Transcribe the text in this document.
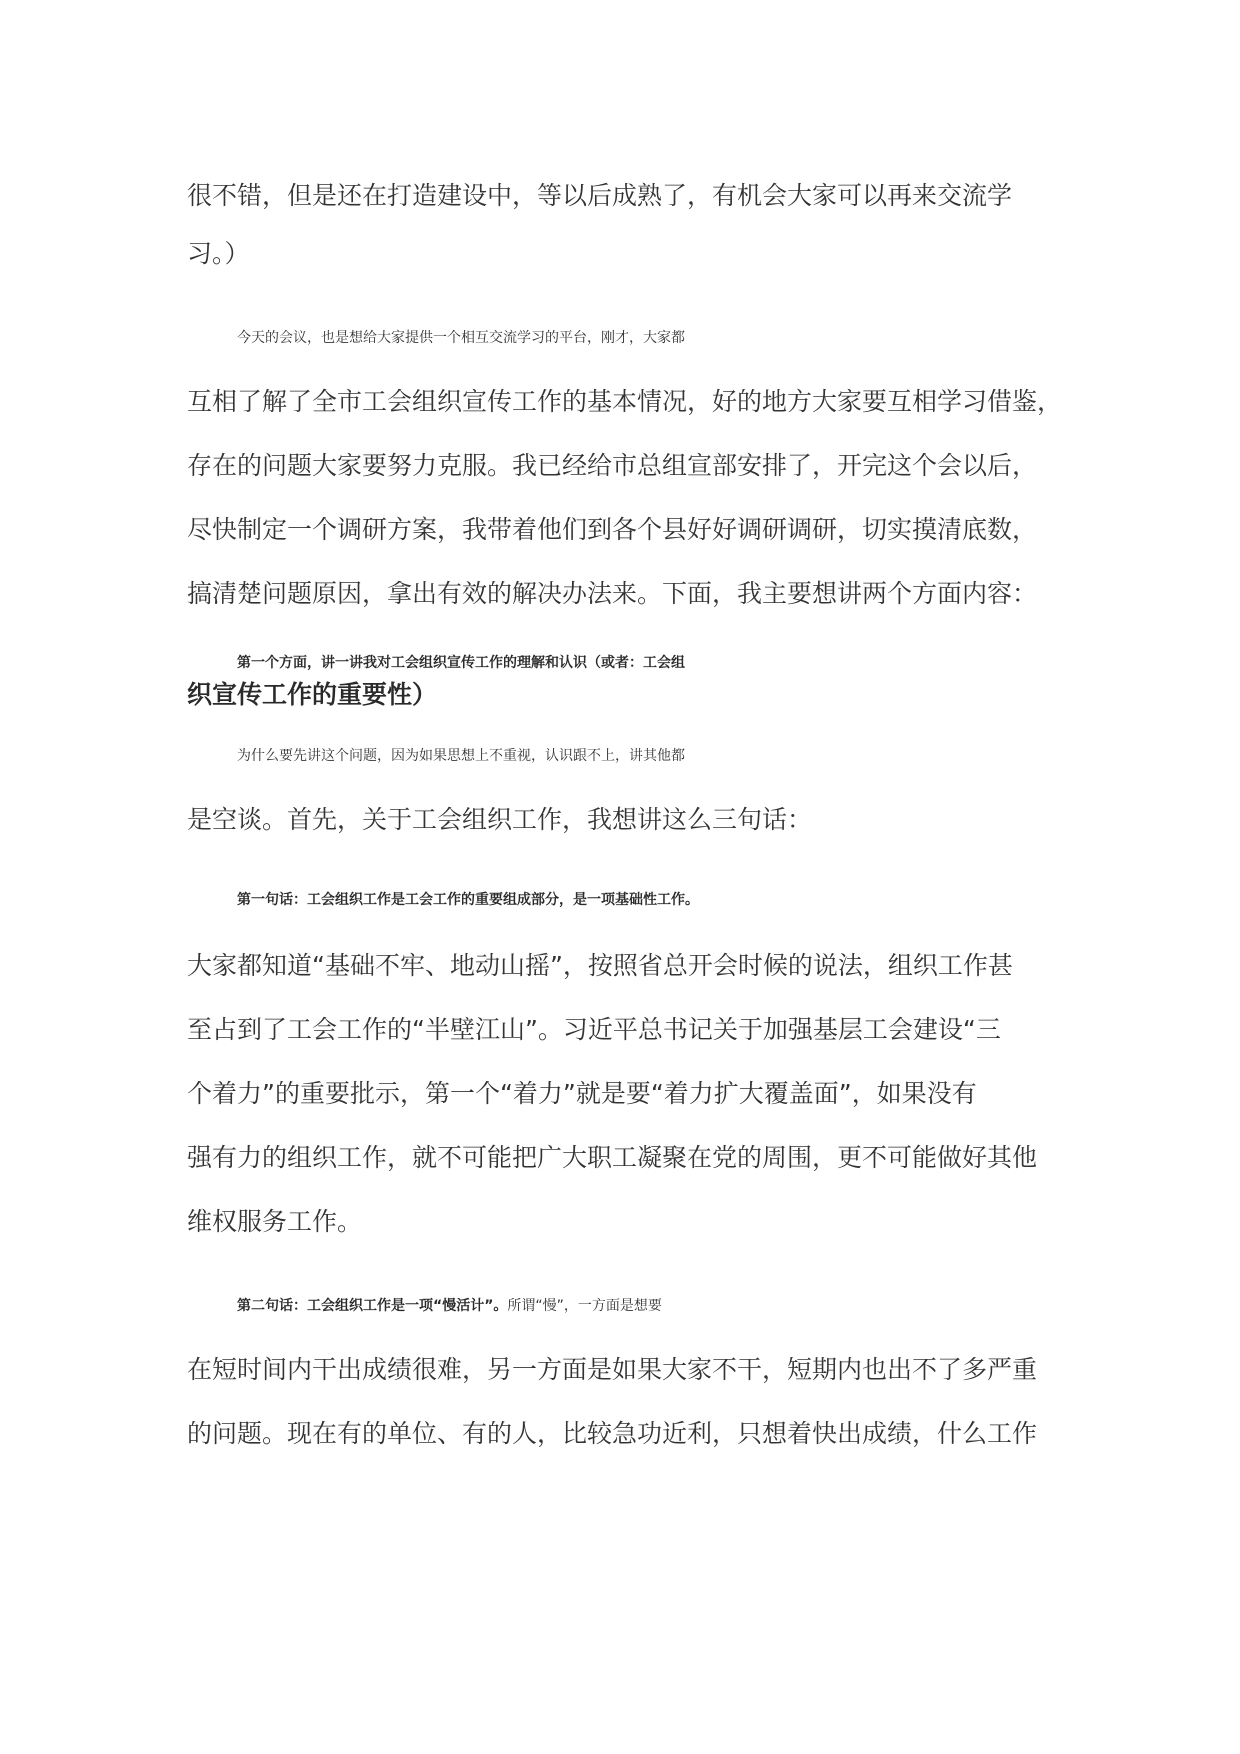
很不错，但是还在打造建设中，等以后成熟了，有机会大家可以再来交流学
习。）
今天的会议，也是想给大家提供一个相互交流学习的平台，刚才，大家都
互相了解了全市工会组织宣传工作的基本情况，好的地方大家要互相学习借鉴，
存在的问题大家要努力克服。我已经给市总组宣部安排了，开完这个会以后，
尽快制定一个调研方案，我带着他们到各个县好好调研调研，切实摸清底数，
搞清楚问题原因，拿出有效的解决办法来。下面，我主要想讲两个方面内容：
第一个方面，讲一讲我对工会组织宣传工作的理解和认识（或者：工会组
织宣传工作的重要性）
为什么要先讲这个问题，因为如果思想上不重视，认识跟不上，讲其他都
是空谈。首先，关于工会组织工作，我想讲这么三句话：
第一句话：工会组织工作是工会工作的重要组成部分，是一项基础性工作。
大家都知道“基础不牢、地动山摇”，按照省总开会时候的说法，组织工作甚
至占到了工会工作的“半壁江山”。习近平总书记关于加强基层工会建设“三
个着力”的重要批示，第一个“着力”就是要“着力扩大覆盖面”，如果没有
强有力的组织工作，就不可能把广大职工凝聚在党的周围，更不可能做好其他
维权服务工作。
第二句话：工会组织工作是一项“慢活计”。所谓“慢”，一方面是想要
在短时间内干出成绩很难，另一方面是如果大家不干，短期内也出不了多严重
的问题。现在有的单位、有的人，比较急功近利，只想着快出成绩，什么工作
